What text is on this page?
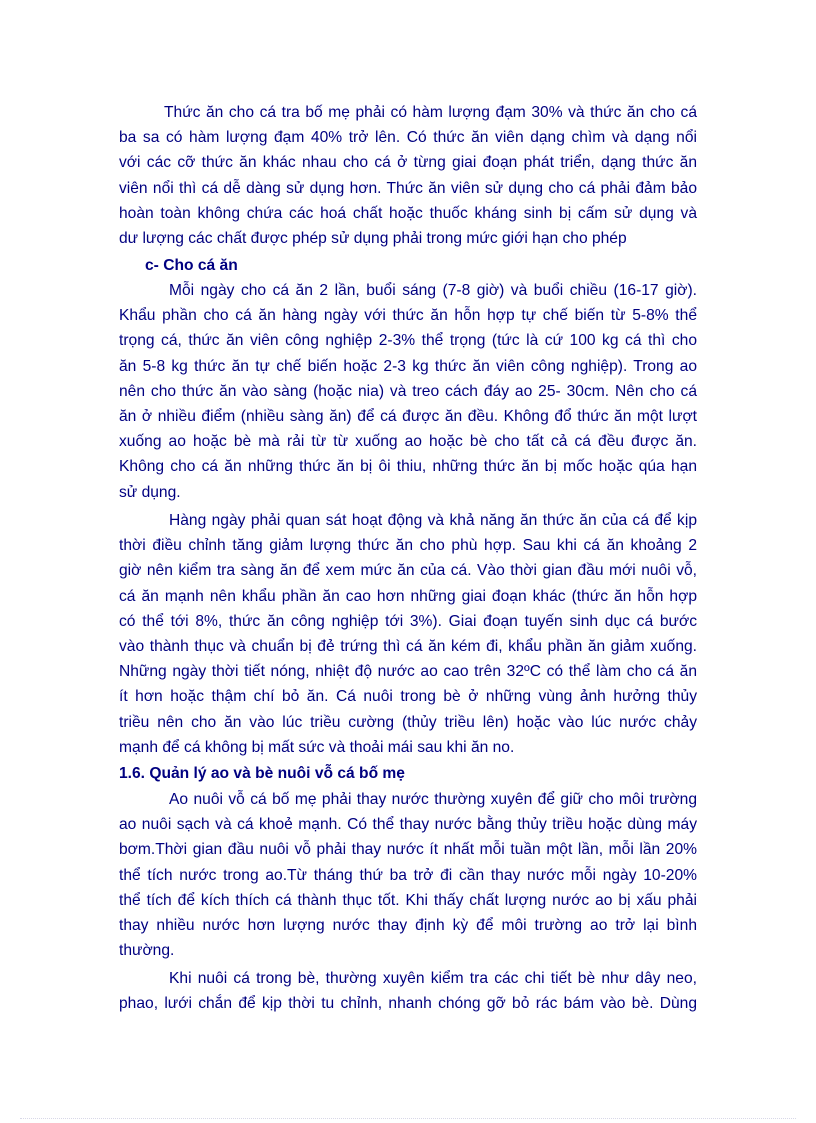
Thức ăn cho cá tra bố mẹ phải có hàm lượng đạm 30% và thức ăn cho cá
ba sa có hàm lượng đạm 40% trở lên. Có thức ăn viên dạng chìm và dạng nổi
với các cỡ thức ăn khác nhau cho cá ở từng giai đoạn phát triển, dạng thức ăn
viên nổi thì cá dễ dàng sử dụng hơn. Thức ăn viên sử dụng cho cá phải đảm bảo
hoàn toàn không chứa các hoá chất hoặc thuốc kháng sinh bị cấm sử dụng và
dư lượng các chất được phép sử dụng phải trong mức giới hạn cho phép
c- Cho cá ăn
Mỗi ngày cho cá ăn 2 lần, buổi sáng (7-8 giờ) và buổi chiều (16-17 giờ).
Khẩu phần cho cá ăn hàng ngày với thức ăn hỗn hợp tự chế biến từ 5-8% thể
trọng cá, thức ăn viên công nghiệp 2-3% thể trọng (tức là cứ 100 kg cá thì cho
ăn 5-8 kg thức ăn tự chế biến hoặc 2-3 kg thức ăn viên công nghiệp). Trong ao
nên cho thức ăn vào sàng (hoặc nia) và treo cách đáy ao 25- 30cm. Nên cho cá
ăn ở nhiều điểm (nhiều sàng ăn) để cá được ăn đều. Không đổ thức ăn một lượt
xuống ao hoặc bè mà rải từ từ xuống ao hoặc bè cho tất cả cá đều được ăn.
Không cho cá ăn những thức ăn bị ôi thiu, những thức ăn bị mốc hoặc qúa hạn
sử dụng.
Hàng ngày phải quan sát hoạt động và khả năng ăn thức ăn của cá để kịp
thời điều chỉnh tăng giảm lượng thức ăn cho phù hợp. Sau khi cá ăn khoảng 2
giờ nên kiểm tra sàng ăn để xem mức ăn của cá. Vào thời gian đầu mới nuôi vỗ,
cá ăn mạnh nên khẩu phần ăn cao hơn những giai đoạn khác (thức ăn hỗn hợp
có thể tới 8%, thức ăn công nghiệp tới 3%). Giai đoạn tuyến sinh dục cá bước
vào thành thục và chuẩn bị đẻ trứng thì cá ăn kém đi, khẩu phần ăn giảm xuống.
Những ngày thời tiết nóng, nhiệt độ nước ao cao trên 32ºC có thể làm cho cá ăn
ít hơn hoặc thậm chí bỏ ăn. Cá nuôi trong bè ở những vùng ảnh hưởng thủy
triều nên cho ăn vào lúc triều cường (thủy triều lên) hoặc vào lúc nước chảy
mạnh để cá không bị mất sức và thoải mái sau khi ăn no.
1.6. Quản lý ao và bè nuôi vỗ cá bố mẹ
Ao nuôi vỗ cá bố mẹ phải thay nước thường xuyên để giữ cho môi trường
ao nuôi sạch và cá khoẻ mạnh. Có thể thay nước bằng thủy triều hoặc dùng máy
bơm.Thời gian đầu nuôi vỗ phải thay nước ít nhất mỗi tuần một lần, mỗi lần 20%
thể tích nước trong ao.Từ tháng thứ ba trở đi cần thay nước mỗi ngày 10-20%
thể tích để kích thích cá thành thục tốt. Khi thấy chất lượng nước ao bị xấu phải
thay nhiều nước hơn lượng nước thay định kỳ để môi trường ao trở lại bình
thường.
Khi nuôi cá trong bè, thường xuyên kiểm tra các chi tiết bè như dây neo,
phao, lưới chắn để kịp thời tu chỉnh, nhanh chóng gỡ bỏ rác bám vào bè. Dùng
